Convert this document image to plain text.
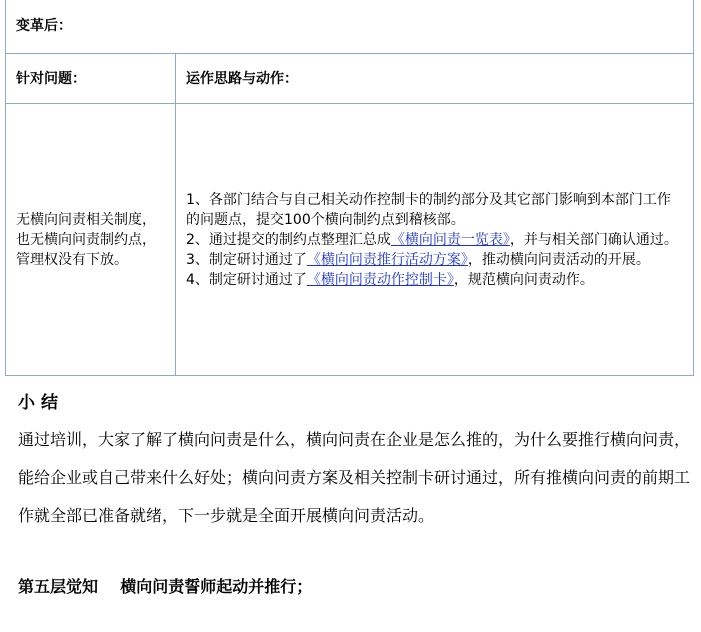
变革后：	
针对问题：	运作思路与动作：
无横向问责相关制度，也无横向问责制约点，管理权没有下放。	1、各部门结合与自己相关动作控制卡的制约部分及其它部门影响到本部门工作的问题点，提交100个横向制约点到稽核部。

2、通过提交的制约点整理汇总成《横向问责一览表》，并与相关部门确认通过。

3、制定研讨通过了《横向问责推行活动方案》，推动横向问责活动的开展。

4、制定研讨通过了《横向问责动作控制卡》，规范横向问责动作。

小结

通过培训，大家了解了横向问责是什么，横向问责在企业是怎么推的，为什么要推行横向问责，能给企业或自己带来什么好处；横向问责方案及相关控制卡研讨通过，所有推横向问责的前期工作就全部已准备就绪，下一步就是全面开展横向问责活动。

第五层觉知    横向问责誓师起动并推行；
